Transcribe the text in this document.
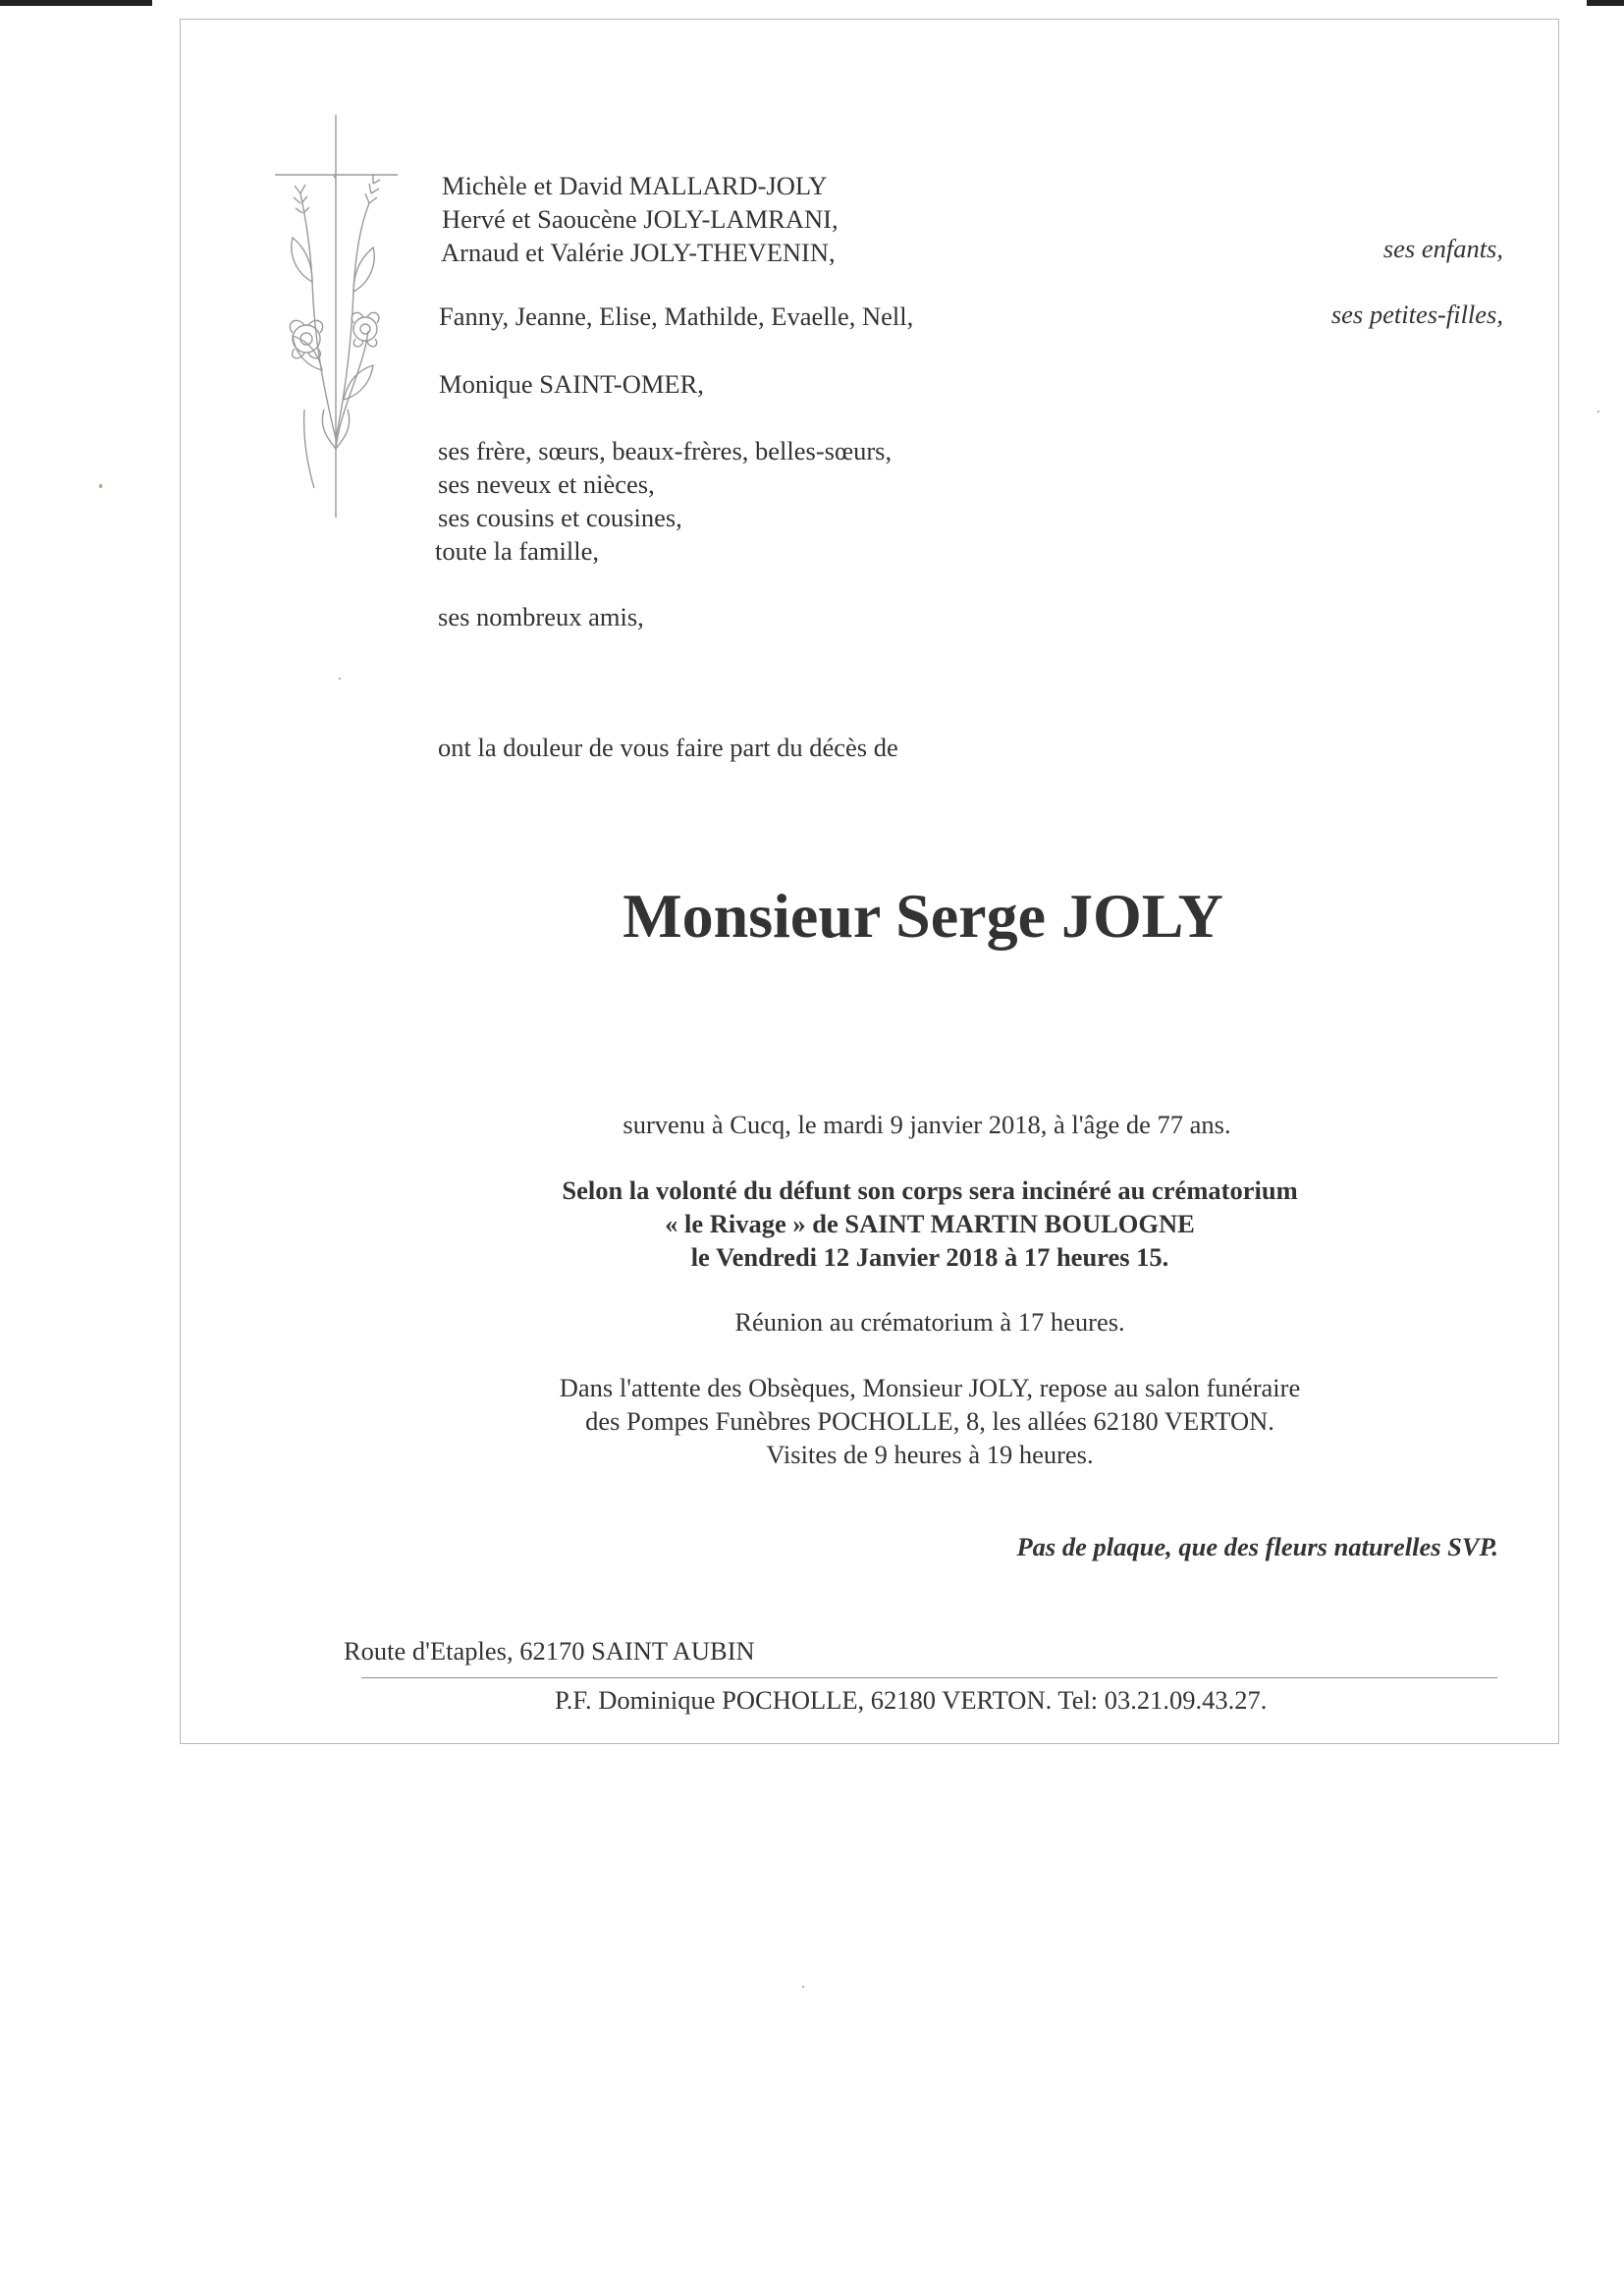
Michèle et David MALLARD-JOLY
Hervé et Saoucène JOLY-LAMRANI,
Arnaud et Valérie JOLY-THEVENIN,	ses enfants,
Fanny, Jeanne, Elise, Mathilde, Evaelle, Nell,	ses petites-filles,
Monique SAINT-OMER,
ses frère, sœurs, beaux-frères, belles-sœurs,
ses neveux et nièces,
ses cousins et cousines,
toute la famille,
ses nombreux amis,
ont la douleur de vous faire part du décès de
Monsieur Serge JOLY
survenu à Cucq, le mardi 9 janvier 2018, à l'âge de 77 ans.
Selon la volonté du défunt son corps sera incinéré au crématorium
« le Rivage » de SAINT MARTIN BOULOGNE
le Vendredi 12 Janvier 2018 à 17 heures 15.
Réunion au crématorium à 17 heures.
Dans l'attente des Obsèques, Monsieur JOLY, repose au salon funéraire
des Pompes Funèbres POCHOLLE, 8, les allées 62180 VERTON.
Visites de 9 heures à 19 heures.
Pas de plaque, que des fleurs naturelles SVP.
Route d'Etaples, 62170 SAINT AUBIN
P.F. Dominique POCHOLLE, 62180 VERTON. Tel: 03.21.09.43.27.
